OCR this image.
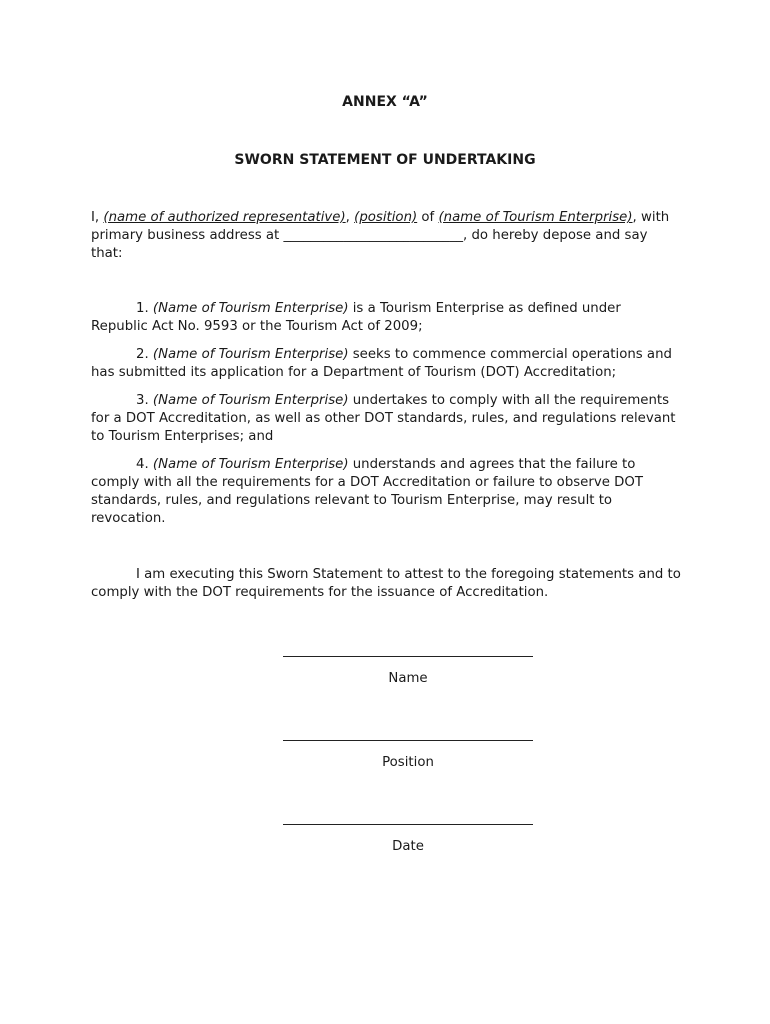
ANNEX “A”
SWORN STATEMENT OF UNDERTAKING

I, (name of authorized representative), (position) of (name of Tourism Enterprise), with primary business address at ___________________________, do hereby depose and say that:

1. (Name of Tourism Enterprise) is a Tourism Enterprise as defined under Republic Act No. 9593 or the Tourism Act of 2009;

2. (Name of Tourism Enterprise) seeks to commence commercial operations and has submitted its application for a Department of Tourism (DOT) Accreditation;

3. (Name of Tourism Enterprise) undertakes to comply with all the requirements for a DOT Accreditation, as well as other DOT standards, rules, and regulations relevant to Tourism Enterprises; and

4. (Name of Tourism Enterprise) understands and agrees that the failure to comply with all the requirements for a DOT Accreditation or failure to observe DOT standards, rules, and regulations relevant to Tourism Enterprise, may result to revocation.

I am executing this Sworn Statement to attest to the foregoing statements and to comply with the DOT requirements for the issuance of Accreditation.

Name
Position
Date
